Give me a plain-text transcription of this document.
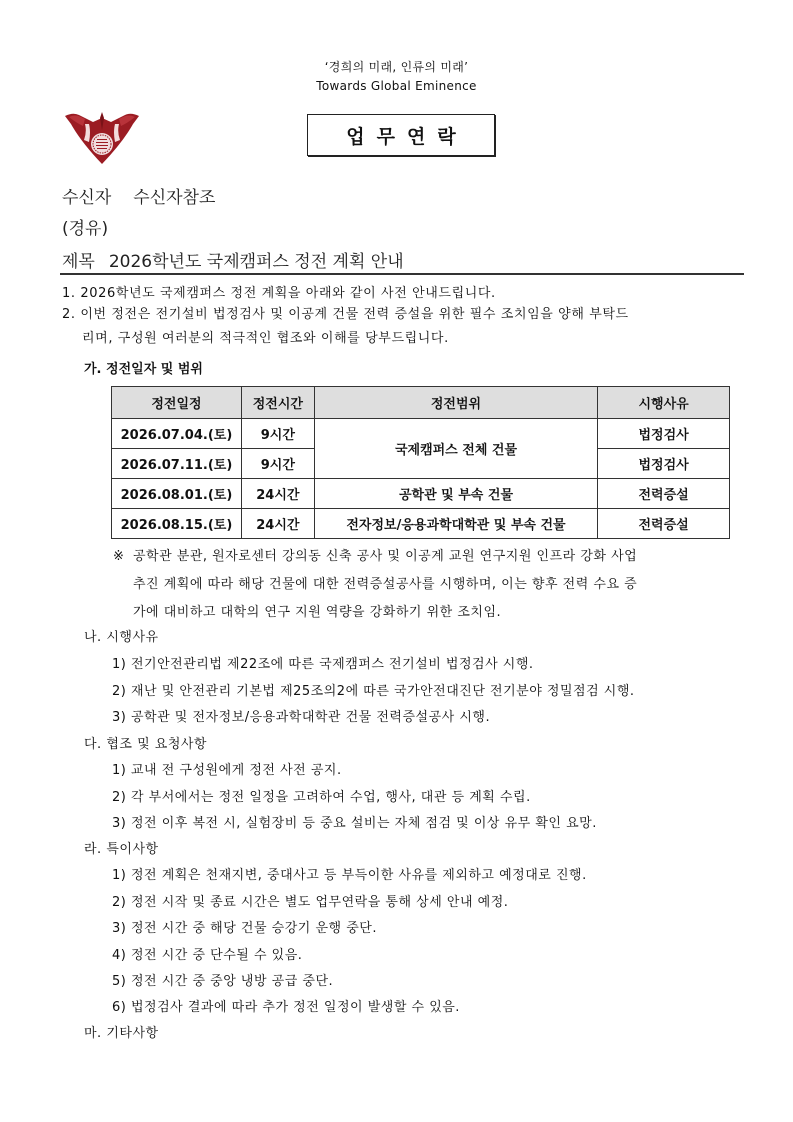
‘경희의 미래, 인류의 미래’
Towards Global Eminence
업무연락
수신자 수신자참조
(경유)
제목 2026학년도 국제캠퍼스 정전 계획 안내
1. 2026학년도 국제캠퍼스 정전 계획을 아래와 같이 사전 안내드립니다.
2. 이번 정전은 전기설비 법정검사 및 이공계 건물 전력 증설을 위한 필수 조치임을 양해 부탁드
리며, 구성원 여러분의 적극적인 협조와 이해를 당부드립니다.
가. 정전일자 및 범위
정전일정	정전시간	정전범위	시행사유
2026.07.04.(토)	9시간	국제캠퍼스 전체 건물	법정검사
2026.07.11.(토)	9시간		법정검사
2026.08.01.(토)	24시간	공학관 및 부속 건물	전력증설
2026.08.15.(토)	24시간	전자정보/응용과학대학관 및 부속 건물	전력증설
※ 공학관 분관, 원자로센터 강의동 신축 공사 및 이공계 교원 연구지원 인프라 강화 사업
추진 계획에 따라 해당 건물에 대한 전력증설공사를 시행하며, 이는 향후 전력 수요 증
가에 대비하고 대학의 연구 지원 역량을 강화하기 위한 조치임.
나. 시행사유
1) 전기안전관리법 제22조에 따른 국제캠퍼스 전기설비 법정검사 시행.
2) 재난 및 안전관리 기본법 제25조의2에 따른 국가안전대진단 전기분야 정밀점검 시행.
3) 공학관 및 전자정보/응용과학대학관 건물 전력증설공사 시행.
다. 협조 및 요청사항
1) 교내 전 구성원에게 정전 사전 공지.
2) 각 부서에서는 정전 일정을 고려하여 수업, 행사, 대관 등 계획 수립.
3) 정전 이후 복전 시, 실험장비 등 중요 설비는 자체 점검 및 이상 유무 확인 요망.
라. 특이사항
1) 정전 계획은 천재지변, 중대사고 등 부득이한 사유를 제외하고 예정대로 진행.
2) 정전 시작 및 종료 시간은 별도 업무연락을 통해 상세 안내 예정.
3) 정전 시간 중 해당 건물 승강기 운행 중단.
4) 정전 시간 중 단수될 수 있음.
5) 정전 시간 중 중앙 냉방 공급 중단.
6) 법정검사 결과에 따라 추가 정전 일정이 발생할 수 있음.
마. 기타사항
